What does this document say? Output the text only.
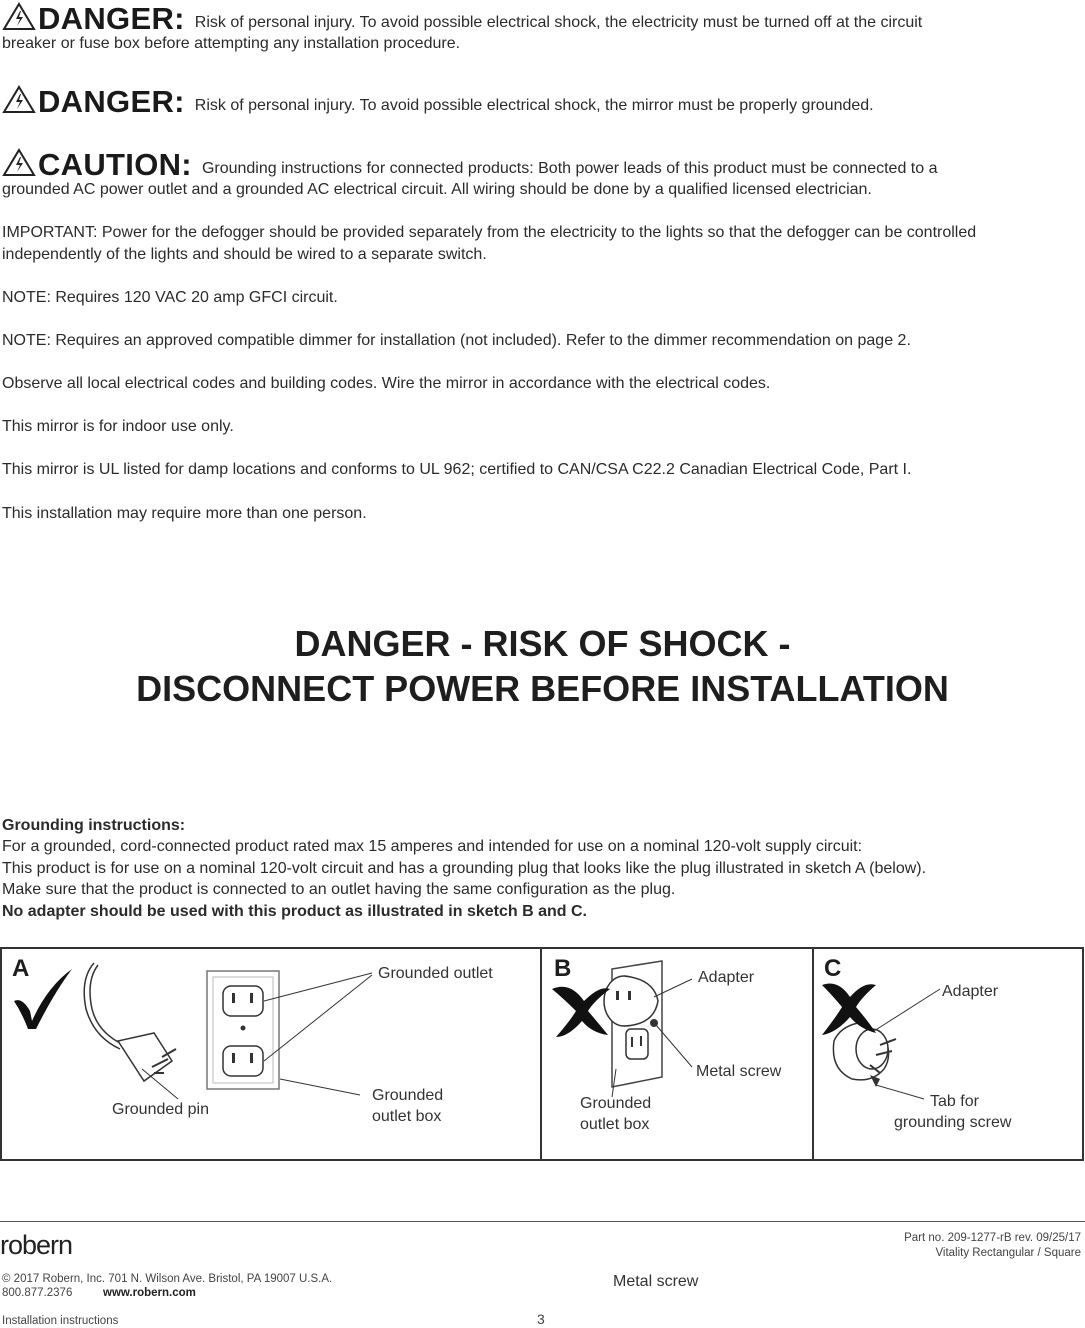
DANGER: Risk of personal injury. To avoid possible electrical shock, the electricity must be turned off at the circuit
breaker or fuse box before attempting any installation procedure.
DANGER: Risk of personal injury. To avoid possible electrical shock, the mirror must be properly grounded.
CAUTION: Grounding instructions for connected products: Both power leads of this product must be connected to a
grounded AC power outlet and a grounded AC electrical circuit. All wiring should be done by a qualified licensed electrician.
IMPORTANT: Power for the defogger should be provided separately from the electricity to the lights so that the defogger can be controlled independently of the lights and should be wired to a separate switch.
NOTE: Requires 120 VAC 20 amp GFCI circuit.
NOTE: Requires an approved compatible dimmer for installation (not included). Refer to the dimmer recommendation on page 2.
Observe all local electrical codes and building codes. Wire the mirror in accordance with the electrical codes.
This mirror is for indoor use only.
This mirror is UL listed for damp locations and conforms to UL 962; certified to CAN/CSA C22.2 Canadian Electrical Code, Part I.
This installation may require more than one person.
DANGER - RISK OF SHOCK -
DISCONNECT POWER BEFORE INSTALLATION
Grounding instructions:
For a grounded, cord-connected product rated max 15 amperes and intended for use on a nominal 120-volt supply circuit:
This product is for use on a nominal 120-volt circuit and has a grounding plug that looks like the plug illustrated in sketch A (below).
Make sure that the product is connected to an outlet having the same configuration as the plug.
No adapter should be used with this product as illustrated in sketch B and C.
A	Grounded outlet
Grounded pin
Grounded
outlet box
B	Adapter
Metal screw
Grounded
outlet box
C
Adapter
Tab for
grounding screw
robern	Part no. 209-1277-rB rev. 09/25/17
Vitality Rectangular / Square
© 2017 Robern, Inc. 701 N. Wilson Ave. Bristol, PA 19007 U.S.A.
800.877.2376	www.robern.com
Metal screw
Installation instructions	3
